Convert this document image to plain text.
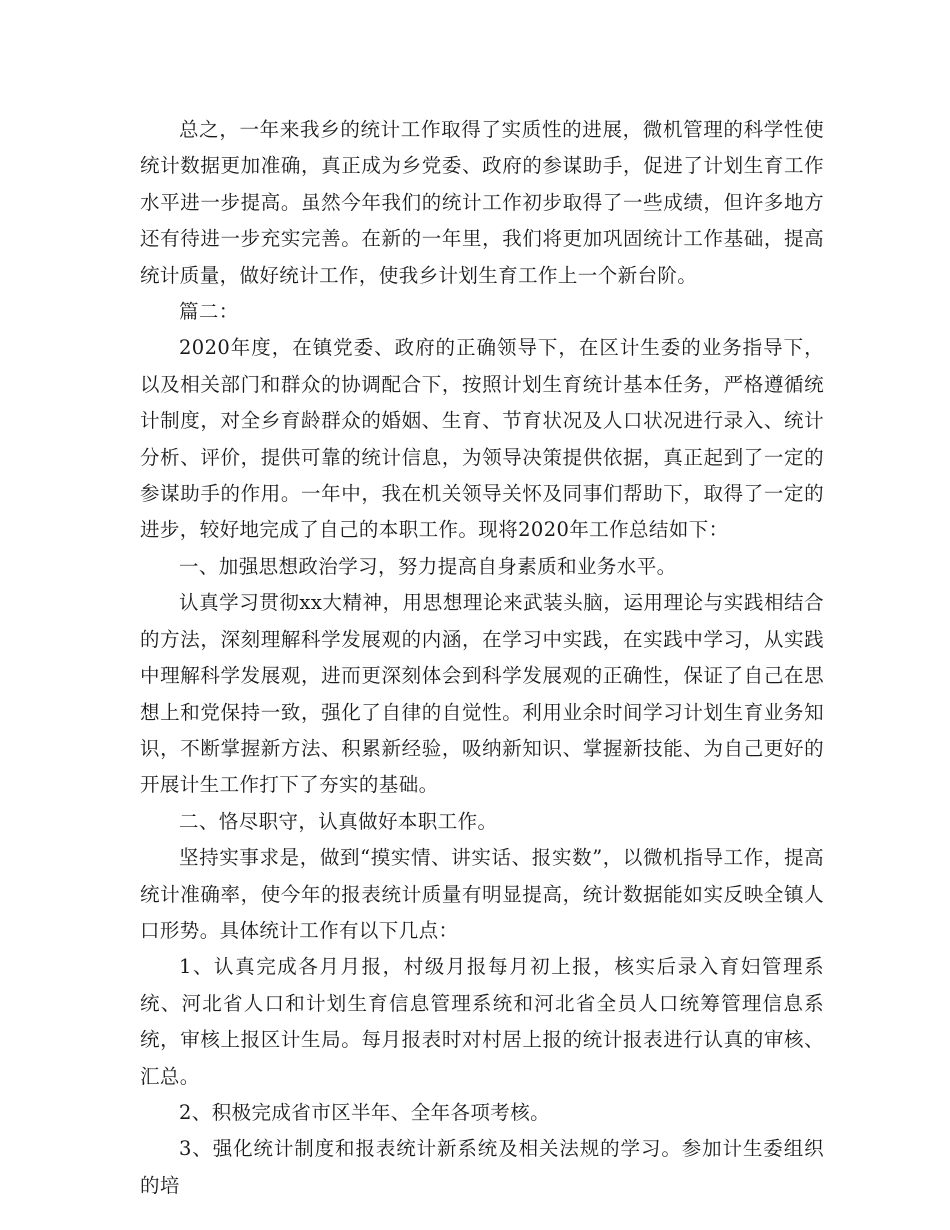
总之，一年来我乡的统计工作取得了实质性的进展，微机管理的科学性使统计数据更加准确，真正成为乡党委、政府的参谋助手，促进了计划生育工作水平进一步提高。虽然今年我们的统计工作初步取得了一些成绩，但许多地方还有待进一步充实完善。在新的一年里，我们将更加巩固统计工作基础，提高统计质量，做好统计工作，使我乡计划生育工作上一个新台阶。

篇二：

2020年度，在镇党委、政府的正确领导下，在区计生委的业务指导下，以及相关部门和群众的协调配合下，按照计划生育统计基本任务，严格遵循统计制度，对全乡育龄群众的婚姻、生育、节育状况及人口状况进行录入、统计分析、评价，提供可靠的统计信息，为领导决策提供依据，真正起到了一定的参谋助手的作用。一年中，我在机关领导关怀及同事们帮助下，取得了一定的进步，较好地完成了自己的本职工作。现将2020年工作总结如下：

一、加强思想政治学习，努力提高自身素质和业务水平。

认真学习贯彻xx大精神，用思想理论来武装头脑，运用理论与实践相结合的方法，深刻理解科学发展观的内涵，在学习中实践，在实践中学习，从实践中理解科学发展观，进而更深刻体会到科学发展观的正确性，保证了自己在思想上和党保持一致，强化了自律的自觉性。利用业余时间学习计划生育业务知识，不断掌握新方法、积累新经验，吸纳新知识、掌握新技能、为自己更好的开展计生工作打下了夯实的基础。

二、恪尽职守，认真做好本职工作。

坚持实事求是，做到“摸实情、讲实话、报实数”，以微机指导工作，提高统计准确率，使今年的报表统计质量有明显提高，统计数据能如实反映全镇人口形势。具体统计工作有以下几点：

1、认真完成各月月报，村级月报每月初上报，核实后录入育妇管理系统、河北省人口和计划生育信息管理系统和河北省全员人口统筹管理信息系统，审核上报区计生局。每月报表时对村居上报的统计报表进行认真的审核、汇总。

2、积极完成省市区半年、全年各项考核。

3、强化统计制度和报表统计新系统及相关法规的学习。参加计生委组织的培
